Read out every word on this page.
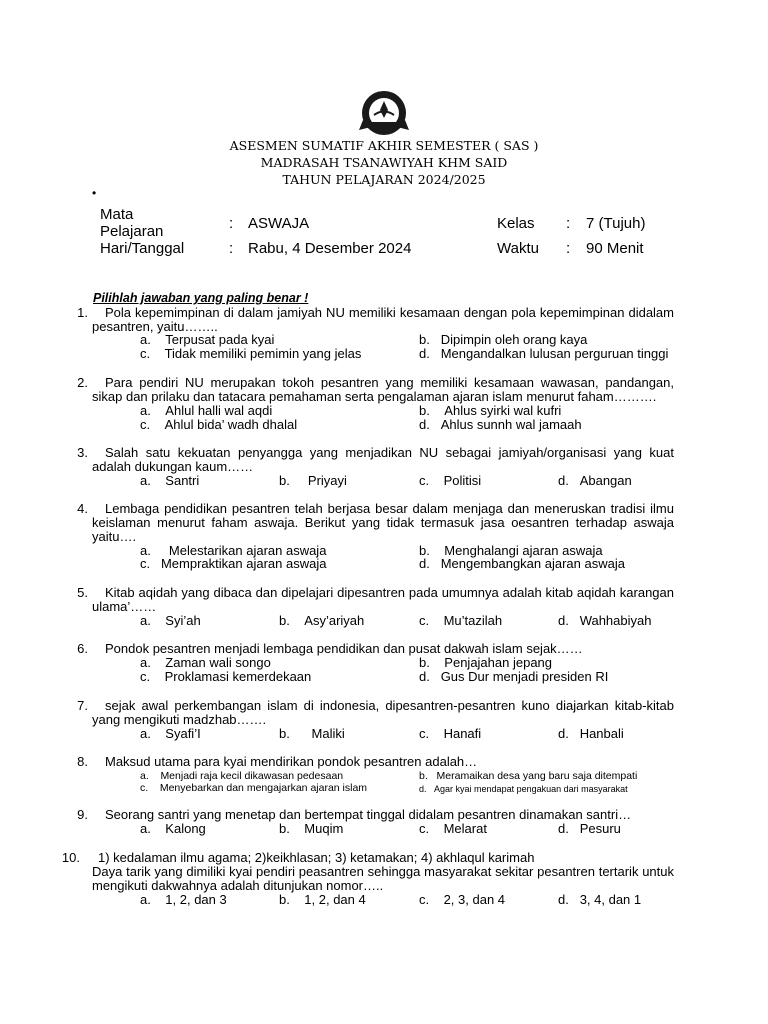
ASESMEN SUMATIF AKHIR SEMESTER ( SAS )
MADRASAH TSANAWIYAH KHM SAID
TAHUN PELAJARAN 2024/2025
•
Mata
Pelajaran	: ASWAJA	Kelas : 7 (Tujuh)
Hari/Tanggal	: Rabu, 4 Desember 2024	Waktu : 90 Menit
Pilihlah jawaban yang paling benar !
1.	Pola kepemimpinan di dalam jamiyah NU memiliki kesamaan dengan pola kepemimpinan didalam pesantren, yaitu……..
a. Terpusat pada kyai	b. Dipimpin oleh orang kaya
c. Tidak memiliki pemimin yang jelas	d. Mengandalkan lulusan perguruan tinggi
2.	Para pendiri NU merupakan tokoh pesantren yang memiliki kesamaan wawasan, pandangan, sikap dan prilaku dan tatacara pemahaman serta pengalaman ajaran islam menurut faham……….
a. Ahlul halli wal aqdi	b. Ahlus syirki wal kufri
c. Ahlul bida’ wadh dhalal	d. Ahlus sunnh wal jamaah
3.	Salah satu kekuatan penyangga yang menjadikan NU sebagai jamiyah/organisasi yang kuat adalah dukungan kaum……
a. Santri	b. Priyayi	c. Politisi	d. Abangan
4.	Lembaga pendidikan pesantren telah berjasa besar dalam menjaga dan meneruskan tradisi ilmu keislaman menurut faham aswaja. Berikut yang tidak termasuk jasa oesantren terhadap aswaja yaitu….
a. Melestarikan ajaran aswaja	b. Menghalangi ajaran aswaja
c. Mempraktikan ajaran aswaja	d. Mengembangkan ajaran aswaja
5.	Kitab aqidah yang dibaca dan dipelajari dipesantren pada umumnya adalah kitab aqidah karangan ulama’……
a. Syi’ah	b. Asy’ariyah	c. Mu’tazilah	d. Wahhabiyah
6.	Pondok pesantren menjadi lembaga pendidikan dan pusat dakwah islam sejak……
a. Zaman wali songo	b. Penjajahan jepang
c. Proklamasi kemerdekaan	d. Gus Dur menjadi presiden RI
7.	sejak awal perkembangan islam di indonesia, dipesantren-pesantren kuno diajarkan kitab-kitab yang mengikuti madzhab…….
a. Syafi’I	b. Maliki	c. Hanafi	d. Hanbali
8.	Maksud utama para kyai mendirikan pondok pesantren adalah…
a. Menjadi raja kecil dikawasan pedesaan	b. Meramaikan desa yang baru saja ditempati
c. Menyebarkan dan mengajarkan ajaran islam	d. Agar kyai mendapat pengakuan dari masyarakat
9.	Seorang santri yang menetap dan bertempat tinggal didalam pesantren dinamakan santri…
a. Kalong	b. Muqim	c. Melarat	d. Pesuru
10. 1) kedalaman ilmu agama; 2)keikhlasan; 3) ketamakan; 4) akhlaqul karimah
Daya tarik yang dimiliki kyai pendiri peasantren sehingga masyarakat sekitar pesantren tertarik untuk mengikuti dakwahnya adalah ditunjukan nomor…..
a. 1, 2, dan 3	b. 1, 2, dan 4	c. 2, 3, dan 4	d. 3, 4, dan 1
